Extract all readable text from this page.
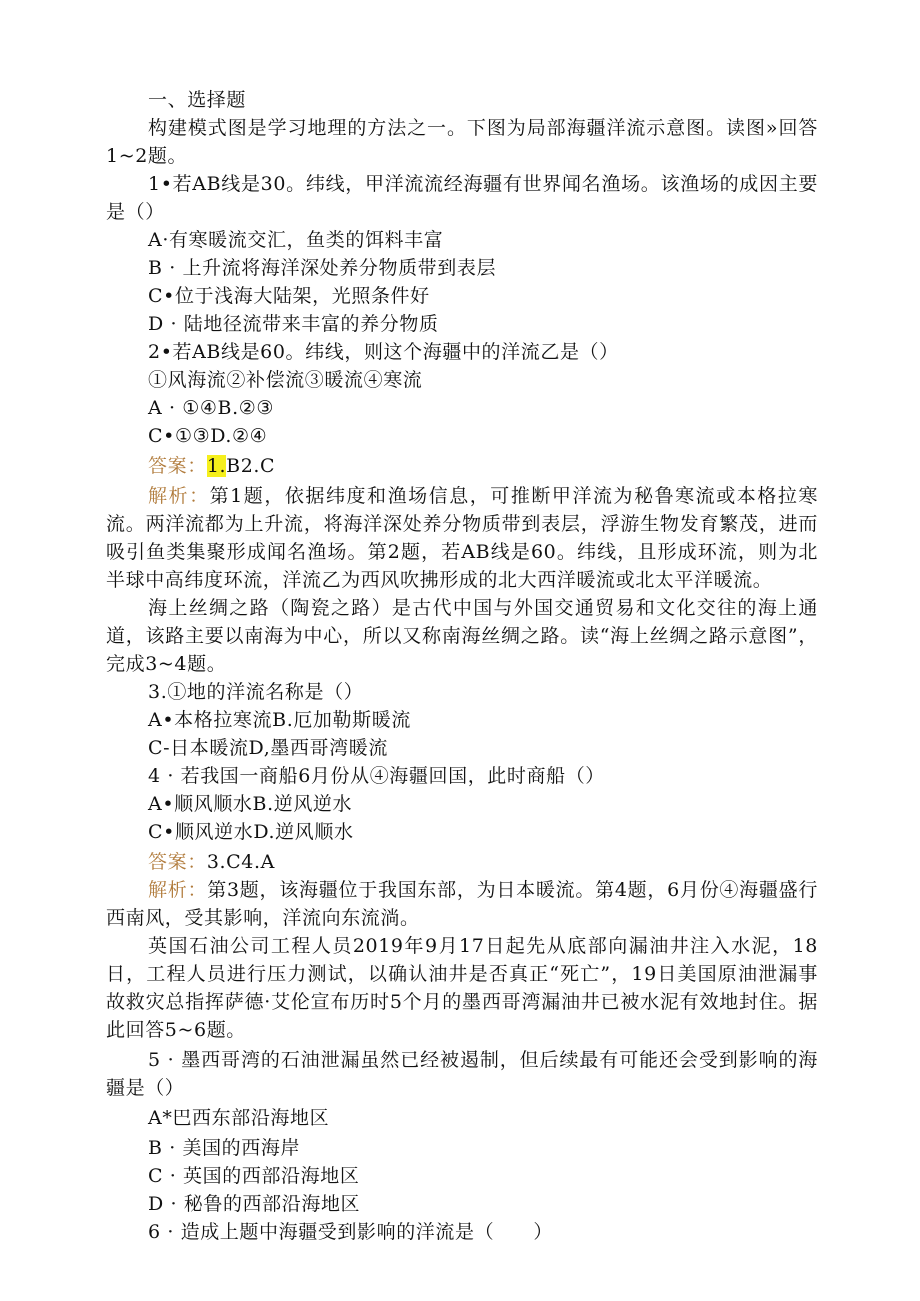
一、选择题
构建模式图是学习地理的方法之一。下图为局部海疆洋流示意图。读图»回答1~2题。
1•若AB线是30。纬线，甲洋流流经海疆有世界闻名渔场。该渔场的成因主要是（）
A·有寒暖流交汇，鱼类的饵料丰富
B · 上升流将海洋深处养分物质带到表层
C•位于浅海大陆架，光照条件好
D · 陆地径流带来丰富的养分物质
2•若AB线是60。纬线，则这个海疆中的洋流乙是（）
①风海流②补偿流③暖流④寒流
A · ①④B.②③
C•①③D.②④
答案：1.B2.C
解析：第1题，依据纬度和渔场信息，可推断甲洋流为秘鲁寒流或本格拉寒流。两洋流都为上升流，将海洋深处养分物质带到表层，浮游生物发育繁茂，进而吸引鱼类集聚形成闻名渔场。第2题，若AB线是60。纬线，且形成环流，则为北半球中高纬度环流，洋流乙为西风吹拂形成的北大西洋暖流或北太平洋暖流。
海上丝绸之路（陶瓷之路）是古代中国与外国交通贸易和文化交往的海上通道，该路主要以南海为中心，所以又称南海丝绸之路。读“海上丝绸之路示意图”，完成3~4题。
3.①地的洋流名称是（）
A•本格拉寒流B.厄加勒斯暖流
C-日本暖流D,墨西哥湾暖流
4 · 若我国一商船6月份从④海疆回国，此时商船（）
A•顺风顺水B.逆风逆水
C•顺风逆水D.逆风顺水
答案：3.C4.A
解析：第3题，该海疆位于我国东部，为日本暖流。第4题，6月份④海疆盛行西南风，受其影响，洋流向东流淌。
英国石油公司工程人员2019年9月17日起先从底部向漏油井注入水泥，18日，工程人员进行压力测试，以确认油井是否真正“死亡”，19日美国原油泄漏事故救灾总指挥萨德·艾伦宣布历时5个月的墨西哥湾漏油井已被水泥有效地封住。据此回答5~6题。
5 · 墨西哥湾的石油泄漏虽然已经被遏制，但后续最有可能还会受到影响的海疆是（）
A*巴西东部沿海地区
B · 美国的西海岸
C · 英国的西部沿海地区
D · 秘鲁的西部沿海地区
6 · 造成上题中海疆受到影响的洋流是（　　）
